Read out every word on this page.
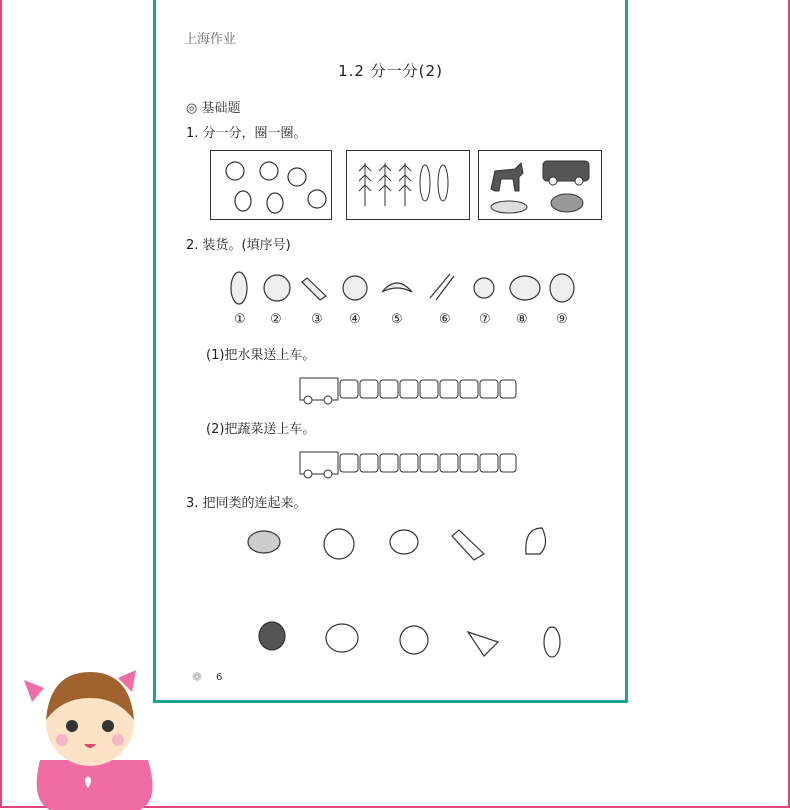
上海作业
1.2 分一分(2)
◎ 基础题
1. 分一分，圈一圈。
2. 装货。(填序号)
① ② ③ ④ ⑤	⑥ ⑦ ⑧ ⑨
(1)把水果送上车。
(2)把蔬菜送上车。
3. 把同类的连起来。
6
❁
